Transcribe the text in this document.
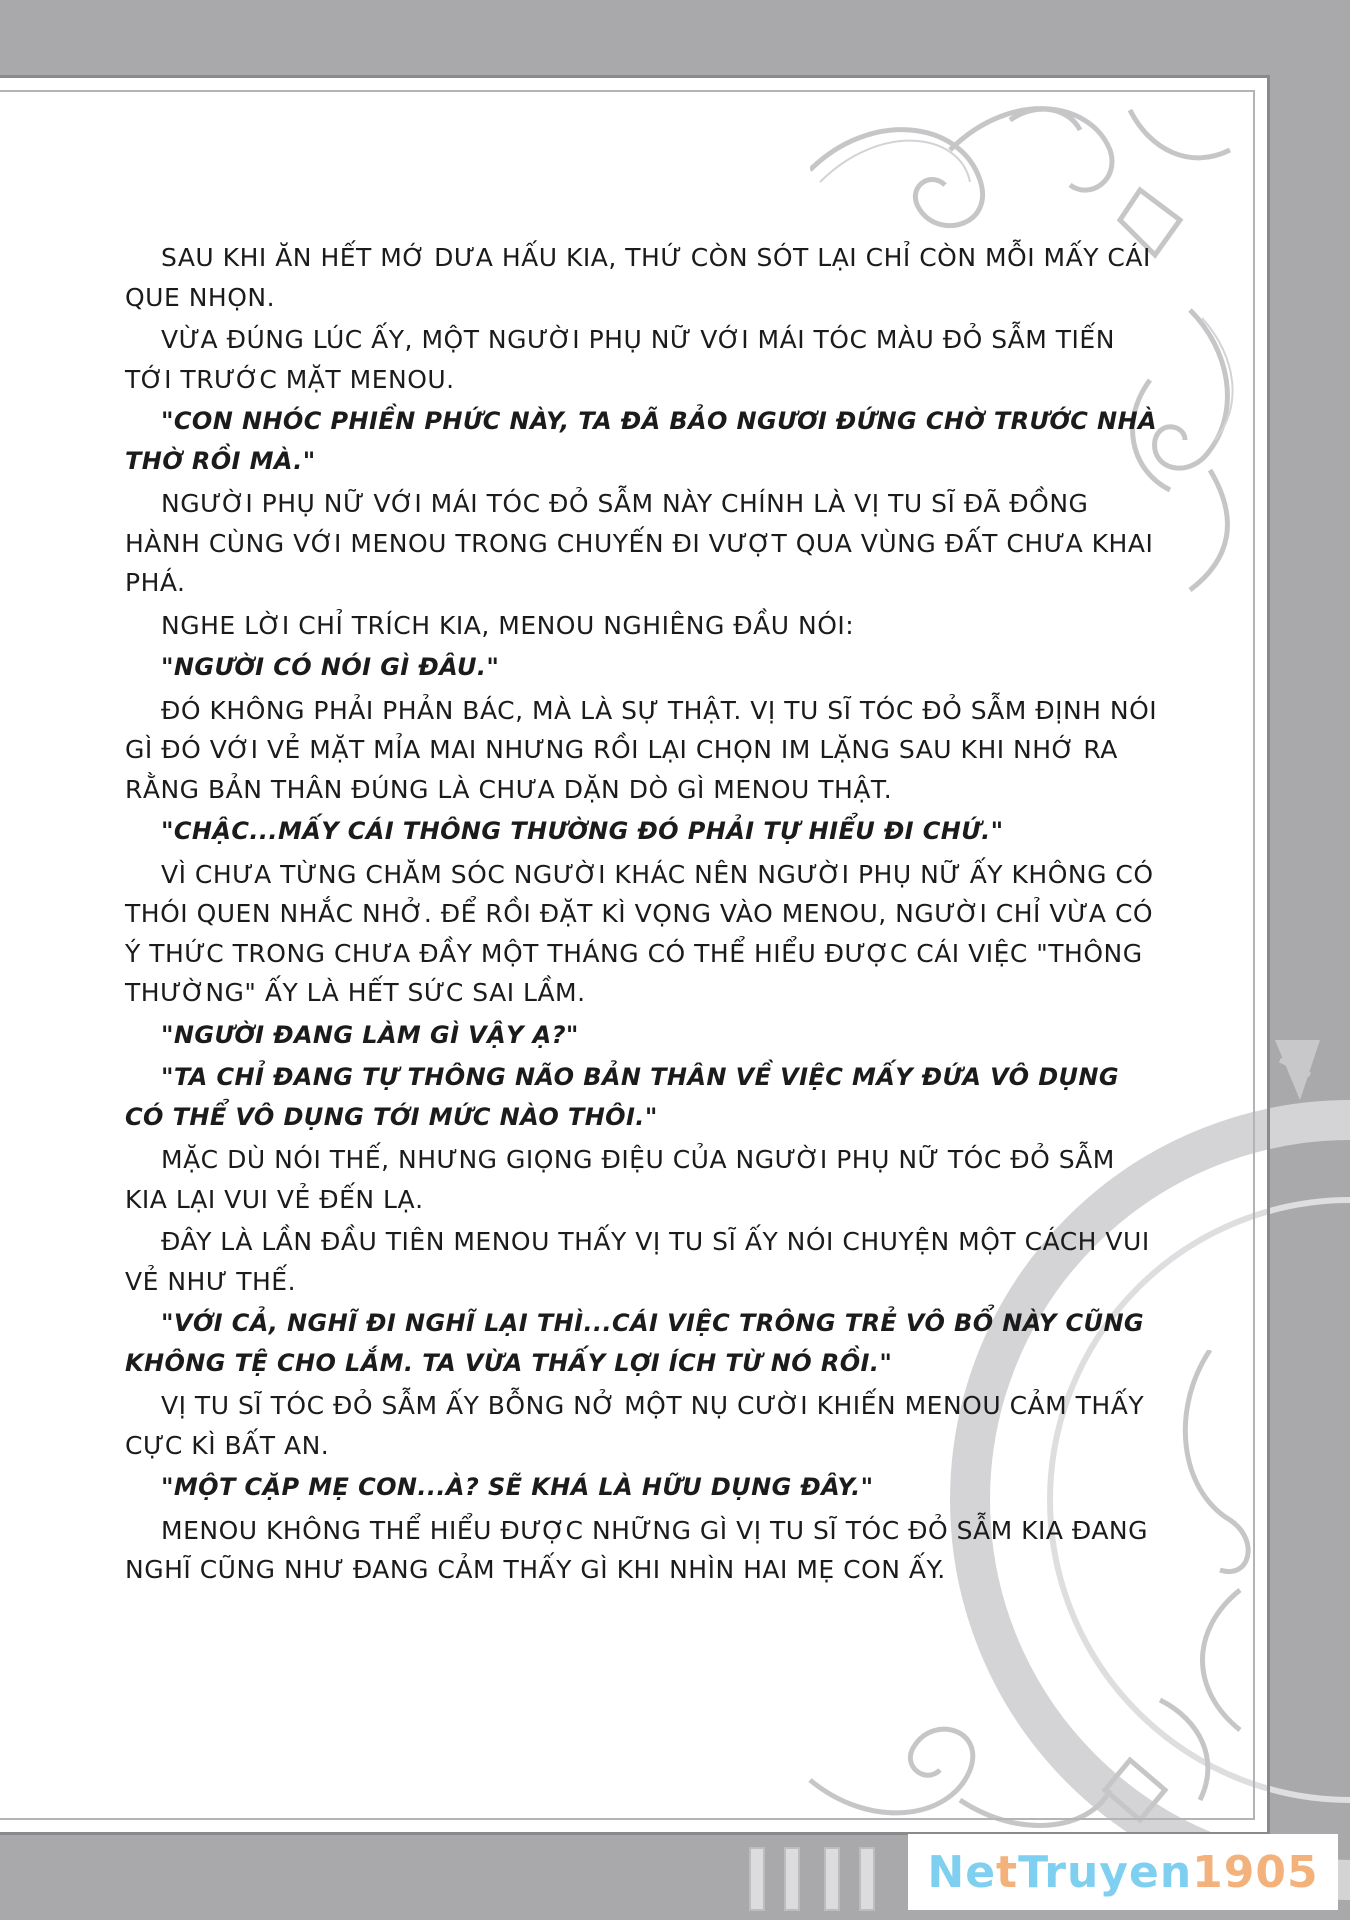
SAU KHI ĂN HẾT MỚ DƯA HẤU KIA, THỨ CÒN SÓT LẠI CHỈ CÒN MỖI MẤY CÁI QUE NHỌN.

VỪA ĐÚNG LÚC ẤY, MỘT NGƯỜI PHỤ NỮ VỚI MÁI TÓC MÀU ĐỎ SẪM TIẾN TỚI TRƯỚC MẶT MENOU.

"CON NHÓC PHIỀN PHỨC NÀY, TA ĐÃ BẢO NGƯƠI ĐỨNG CHỜ TRƯỚC NHÀ THỜ RỒI MÀ."

NGƯỜI PHỤ NỮ VỚI MÁI TÓC ĐỎ SẪM NÀY CHÍNH LÀ VỊ TU SĨ ĐÃ ĐỒNG HÀNH CÙNG VỚI MENOU TRONG CHUYẾN ĐI VƯỢT QUA VÙNG ĐẤT CHƯA KHAI PHÁ.

NGHE LỜI CHỈ TRÍCH KIA, MENOU NGHIÊNG ĐẦU NÓI:

"NGƯỜI CÓ NÓI GÌ ĐÂU."

ĐÓ KHÔNG PHẢI PHẢN BÁC, MÀ LÀ SỰ THẬT. VỊ TU SĨ TÓC ĐỎ SẪM ĐỊNH NÓI GÌ ĐÓ VỚI VẺ MẶT MỈA MAI NHƯNG RỒI LẠI CHỌN IM LẶNG SAU KHI NHỚ RA RẰNG BẢN THÂN ĐÚNG LÀ CHƯA DẶN DÒ GÌ MENOU THẬT.

"CHẬC...MẤY CÁI THÔNG THƯỜNG ĐÓ PHẢI TỰ HIỂU ĐI CHỨ."

VÌ CHƯA TỪNG CHĂM SÓC NGƯỜI KHÁC NÊN NGƯỜI PHỤ NỮ ẤY KHÔNG CÓ THÓI QUEN NHẮC NHỞ. ĐỂ RỒI ĐẶT KÌ VỌNG VÀO MENOU, NGƯỜI CHỈ VỪA CÓ Ý THỨC TRONG CHƯA ĐẦY MỘT THÁNG CÓ THỂ HIỂU ĐƯỢC CÁI VIỆC "THÔNG THƯỜNG" ẤY LÀ HẾT SỨC SAI LẦM.

"NGƯỜI ĐANG LÀM GÌ VẬY Ạ?"

"TA CHỈ ĐANG TỰ THÔNG NÃO BẢN THÂN VỀ VIỆC MẤY ĐỨA VÔ DỤNG CÓ THỂ VÔ DỤNG TỚI MỨC NÀO THÔI."

MẶC DÙ NÓI THẾ, NHƯNG GIỌNG ĐIỆU CỦA NGƯỜI PHỤ NỮ TÓC ĐỎ SẪM KIA LẠI VUI VẺ ĐẾN LẠ.

ĐÂY LÀ LẦN ĐẦU TIÊN MENOU THẤY VỊ TU SĨ ẤY NÓI CHUYỆN MỘT CÁCH VUI VẺ NHƯ THẾ.

"VỚI CẢ, NGHĨ ĐI NGHĨ LẠI THÌ...CÁI VIỆC TRÔNG TRẺ VÔ BỔ NÀY CŨNG KHÔNG TỆ CHO LẮM. TA VỪA THẤY LỢI ÍCH TỪ NÓ RỒI."

VỊ TU SĨ TÓC ĐỎ SẪM ẤY BỖNG NỞ MỘT NỤ CƯỜI KHIẾN MENOU CẢM THẤY CỰC KÌ BẤT AN.

"MỘT CẶP MẸ CON...À? SẼ KHÁ LÀ HỮU DỤNG ĐÂY."

MENOU KHÔNG THỂ HIỂU ĐƯỢC NHỮNG GÌ VỊ TU SĨ TÓC ĐỎ SẪM KIA ĐANG NGHĨ CŨNG NHƯ ĐANG CẢM THẤY GÌ KHI NHÌN HAI MẸ CON ẤY.

Ne t Truyen 1905
